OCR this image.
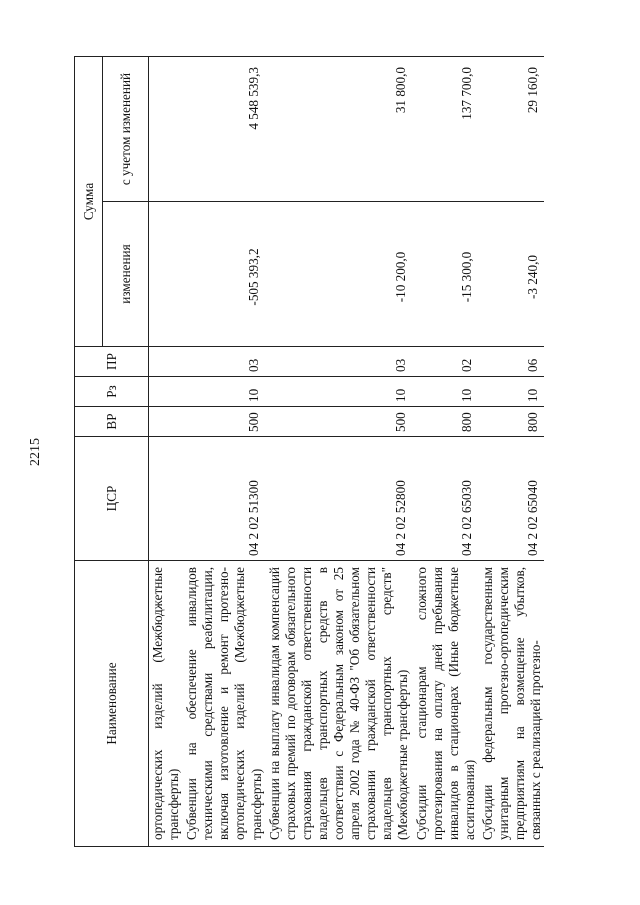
2215
Наименование	ЦСР	ВР	Рз	ПР	Сумма	
					изменения	с учетом изменений
ортопедических изделий (Межбюджетные трансферты)						
Субвенции на обеспечение инвалидов техническими средствами реабилитации, включая изготовление и ремонт протезно-ортопедических изделий (Межбюджетные трансферты)	04 2 02 51300	500	10	03	-505 393,2	4 548 539,3
Субвенции на выплату инвалидам компенсаций страховых премий по договорам обязательного страхования гражданской ответственности владельцев транспортных средств в соответствии с Федеральным законом от 25 апреля 2002 года № 40-ФЗ "Об обязательном страховании гражданской ответственности владельцев транспортных средств" (Межбюджетные трансферты)	04 2 02 52800	500	10	03	-10 200,0	31 800,0
Субсидии стационарам сложного протезирования на оплату дней пребывания инвалидов в стационарах (Иные бюджетные ассигнования)	04 2 02 65030	800	10	02	-15 300,0	137 700,0
Субсидии федеральным государственным унитарным протезно-ортопедическим предприятиям на возмещение убытков, связанных с реализацией протезно-	04 2 02 65040	800	10	06	-3 240,0	29 160,0
